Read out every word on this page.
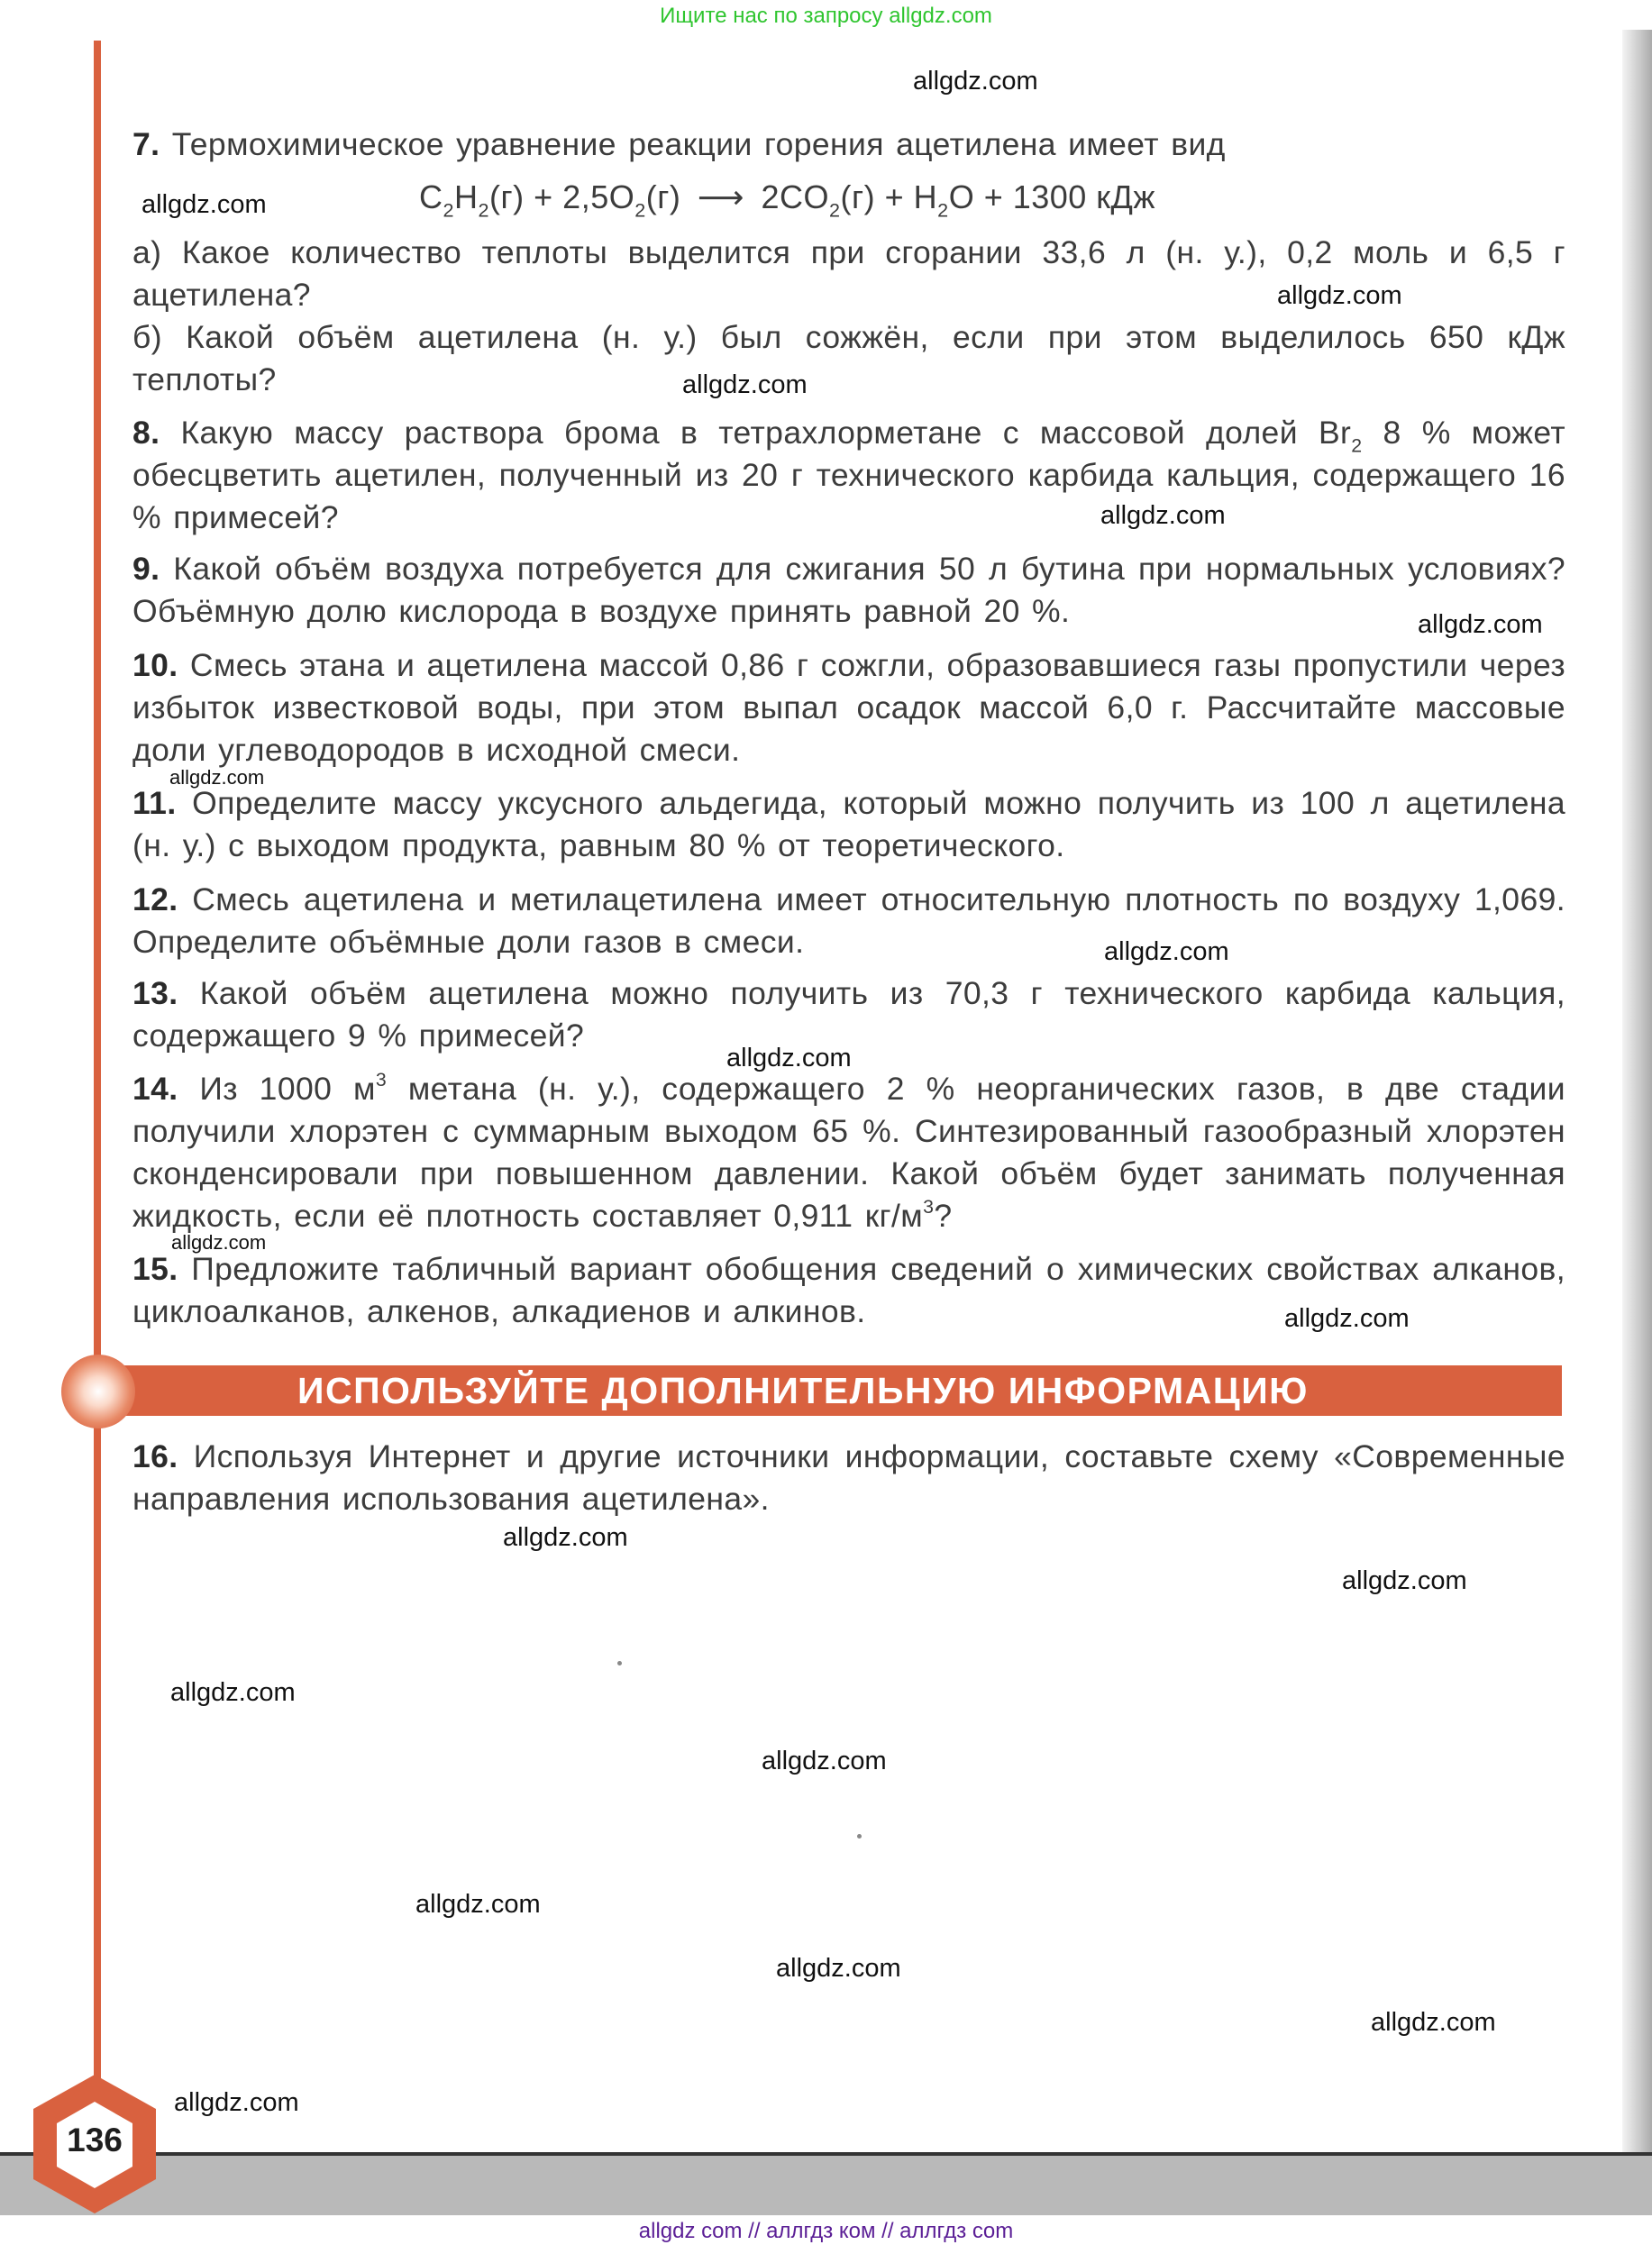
Ищите нас по запросу allgdz.com
7. Термохимическое уравнение реакции горения ацетилена имеет вид
$C_2H_2(г) + 2,5O_2(г)$ ⟶ $2CO_2(г) + H_2O + 1300$ кДж
а) Какое количество теплоты выделится при сгорании 33,6 л (н. у.), 0,2 моль и 6,5 г ацетилена?
б) Какой объём ацетилена (н. у.) был сожжён, если при этом выделилось 650 кДж теплоты?
8. Какую массу раствора брома в тетрахлорметане с массовой долей $Br_2$ 8 % может обесцветить ацетилен, полученный из 20 г технического карбида кальция, содержащего 16 % примесей?
9. Какой объём воздуха потребуется для сжигания 50 л бутина при нормальных условиях? Объёмную долю кислорода в воздухе принять равной 20 %.
10. Смесь этана и ацетилена массой 0,86 г сожгли, образовавшиеся газы пропустили через избыток известковой воды, при этом выпал осадок массой 6,0 г. Рассчитайте массовые доли углеводородов в исходной смеси.
11. Определите массу уксусного альдегида, который можно получить из 100 л ацетилена (н. у.) с выходом продукта, равным 80 % от теоретического.
12. Смесь ацетилена и метилацетилена имеет относительную плотность по воздуху 1,069. Определите объёмные доли газов в смеси.
13. Какой объём ацетилена можно получить из 70,3 г технического карбида кальция, содержащего 9 % примесей?
14. Из 1000 $м^3$ метана (н. у.), содержащего 2 % неорганических газов, в две стадии получили хлорэтен с суммарным выходом 65 %. Синтезированный газообразный хлорэтен сконденсировали при повышенном давлении. Какой объём будет занимать полученная жидкость, если её плотность составляет 0,911 $кг/м^3$?
15. Предложите табличный вариант обобщения сведений о химических свойствах алканов, циклоалканов, алкенов, алкадиенов и алкинов.
ИСПОЛЬЗУЙТЕ ДОПОЛНИТЕЛЬНУЮ ИНФОРМАЦИЮ
16. Используя Интернет и другие источники информации, составьте схему «Современные направления использования ацетилена».
allgdz.com
allgdz.com
allgdz.com
allgdz.com
allgdz.com
allgdz.com
allgdz.com
allgdz.com
allgdz.com
allgdz.com
allgdz.com
allgdz.com
allgdz.com
allgdz.com
allgdz.com
allgdz.com
allgdz.com
allgdz.com
allgdz.com
136
allgdz com // аллгдз ком // аллгдз com
